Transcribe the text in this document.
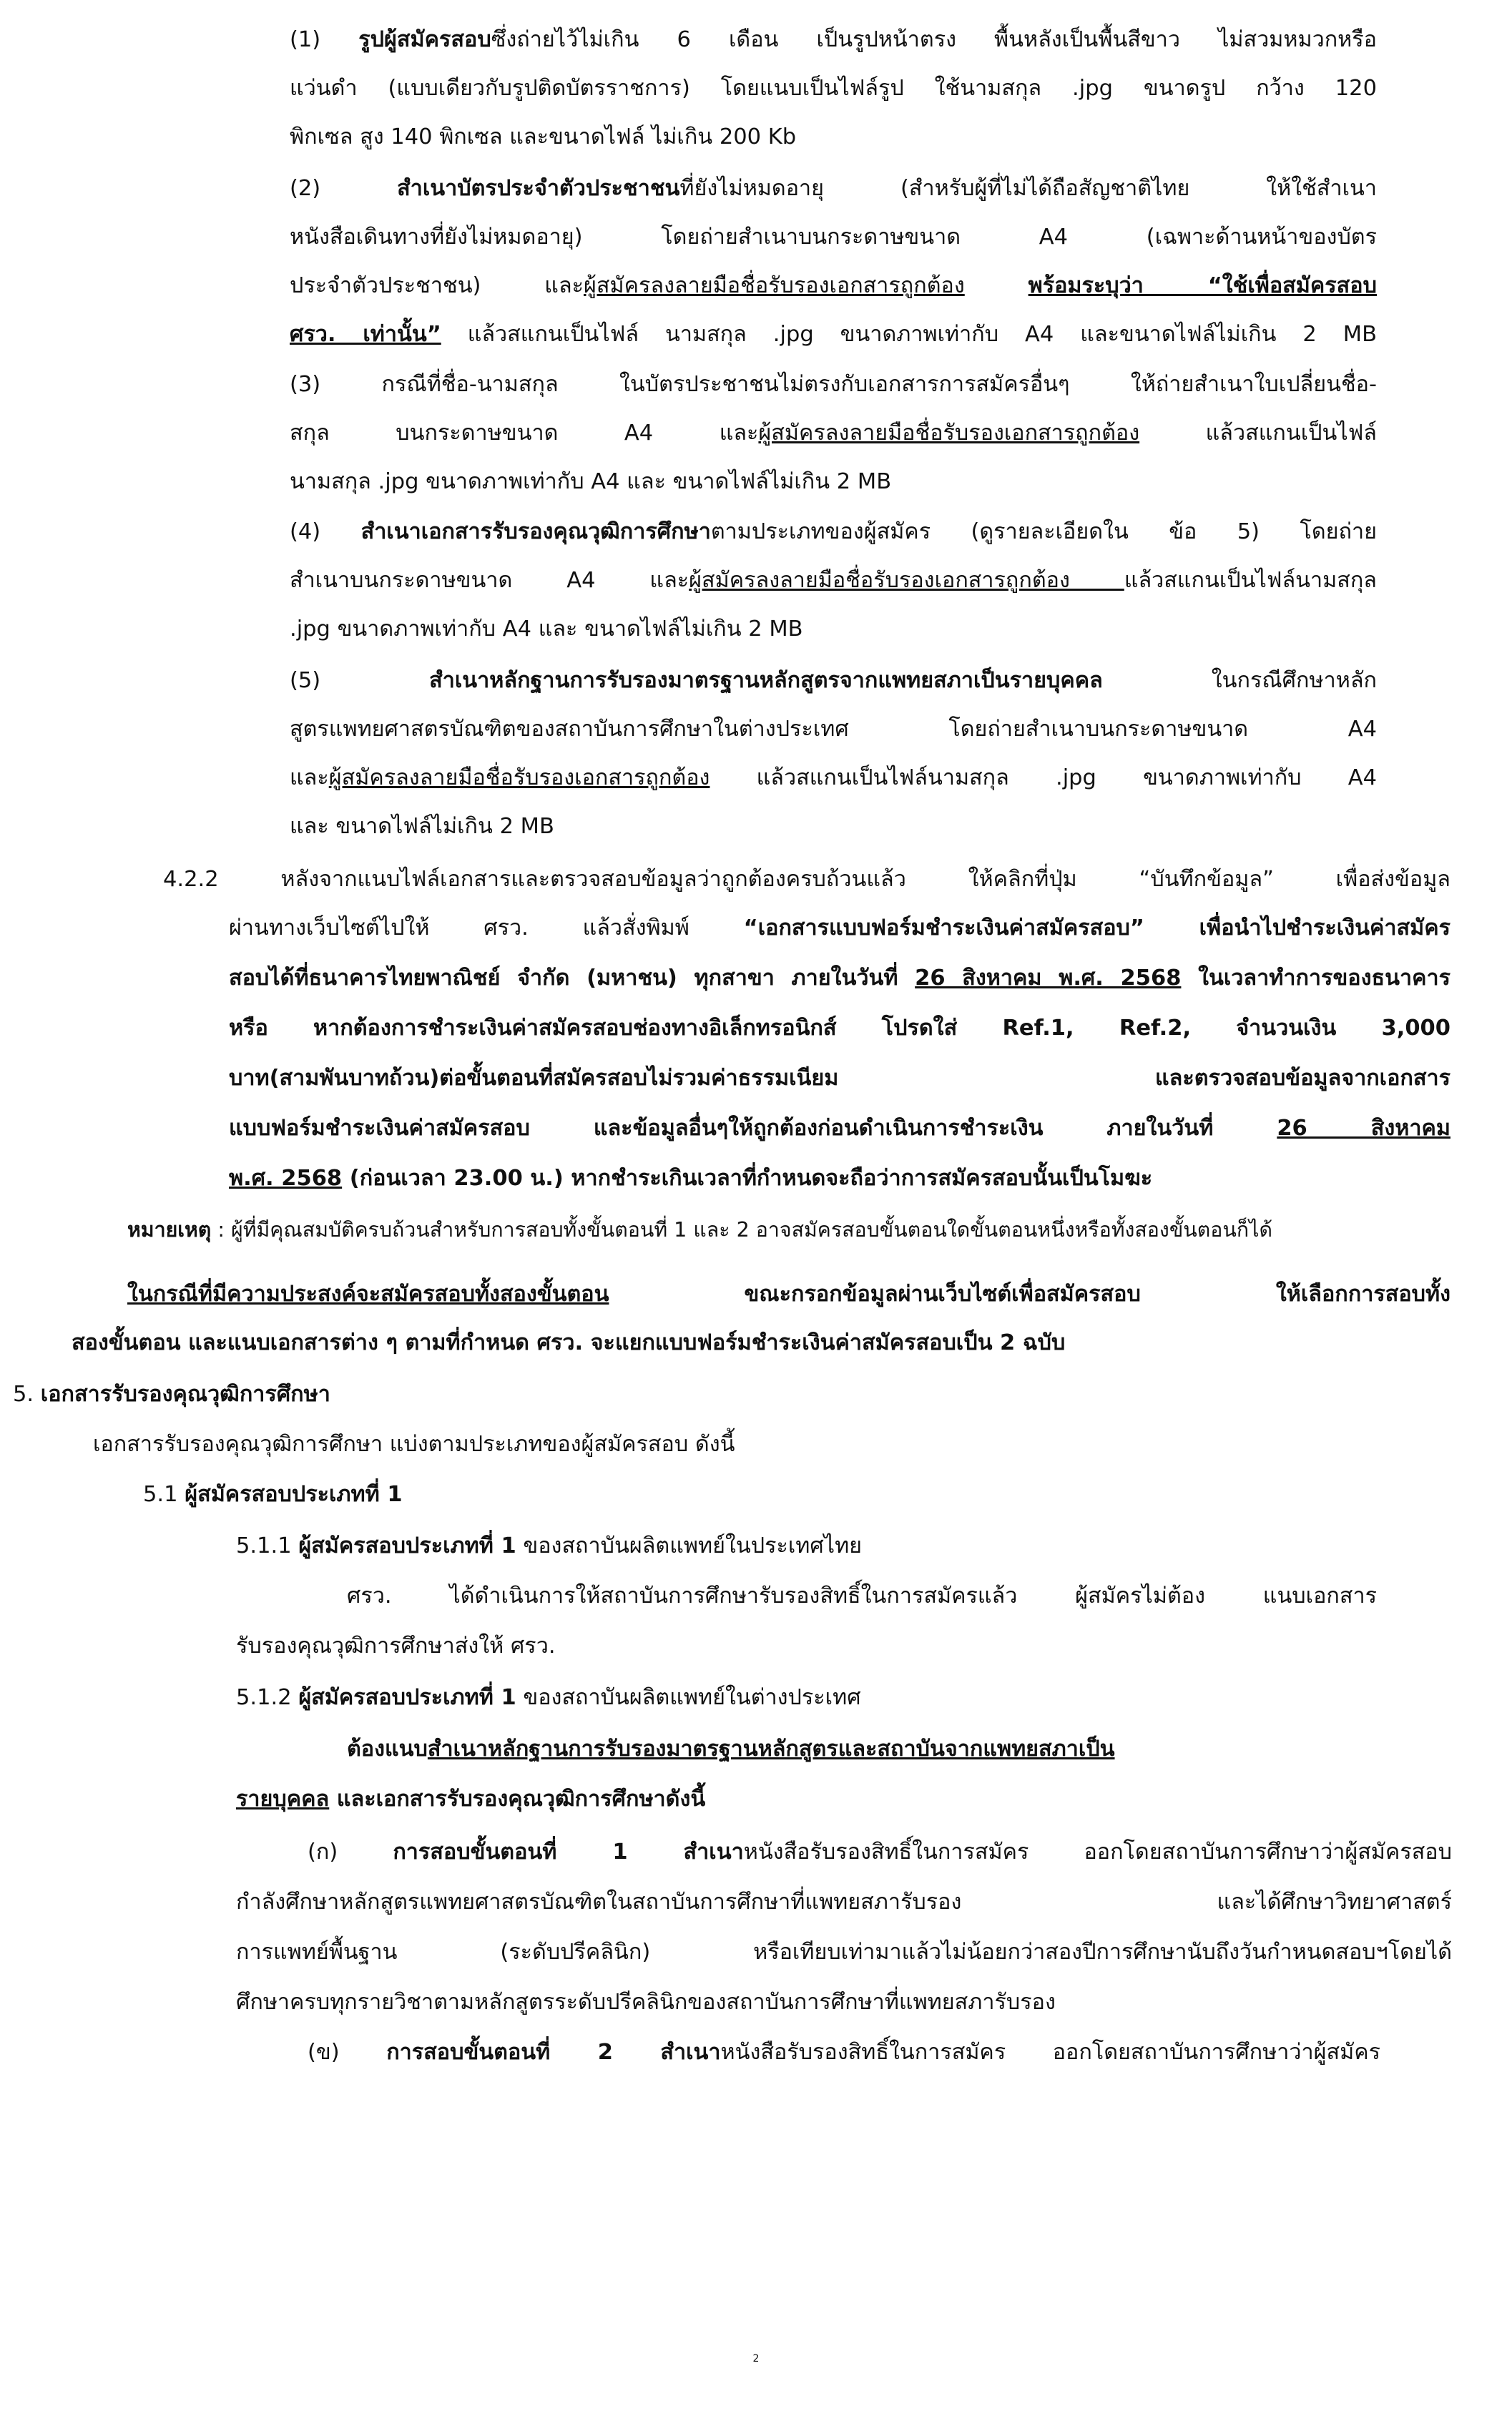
(1) รูปผู้สมัครสอบซึ่งถ่ายไว้ไม่เกิน 6 เดือน เป็นรูปหน้าตรง พื้นหลังเป็นพื้นสีขาว ไม่สวมหมวกหรือ
แว่นดำ (แบบเดียวกับรูปติดบัตรราชการ) โดยแนบเป็นไฟล์รูป ใช้นามสกุล .jpg ขนาดรูป กว้าง 120
พิกเซล สูง 140 พิกเซล และขนาดไฟล์ ไม่เกิน 200 Kb
(2) สำเนาบัตรประจำตัวประชาชนที่ยังไม่หมดอายุ (สำหรับผู้ที่ไม่ได้ถือสัญชาติไทย ให้ใช้สำเนา
หนังสือเดินทางที่ยังไม่หมดอายุ) โดยถ่ายสำเนาบนกระดาษขนาด A4 (เฉพาะด้านหน้าของบัตร
ประจำตัวประชาชน) และผู้สมัครลงลายมือชื่อรับรองเอกสารถูกต้อง	พร้อมระบุว่า “ใช้เพื่อสมัครสอบ
ศรว. เท่านั้น” แล้วสแกนเป็นไฟล์ นามสกุล .jpg ขนาดภาพเท่ากับ A4 และขนาดไฟล์ไม่เกิน 2 MB
(3) กรณีที่ชื่อ-นามสกุล ในบัตรประชาชนไม่ตรงกับเอกสารการสมัครอื่นๆ ให้ถ่ายสำเนาใบเปลี่ยนชื่อ-
สกุล บนกระดาษขนาด A4 และผู้สมัครลงลายมือชื่อรับรองเอกสารถูกต้อง แล้วสแกนเป็นไฟล์
นามสกุล .jpg ขนาดภาพเท่ากับ A4 และ ขนาดไฟล์ไม่เกิน 2 MB
(4) สำเนาเอกสารรับรองคุณวุฒิการศึกษาตามประเภทของผู้สมัคร (ดูรายละเอียดใน ข้อ 5) โดยถ่าย
สำเนาบนกระดาษขนาด A4 และผู้สมัครลงลายมือชื่อรับรองเอกสารถูกต้อง แล้วสแกนเป็นไฟล์นามสกุล
.jpg ขนาดภาพเท่ากับ A4 และ ขนาดไฟล์ไม่เกิน 2 MB
(5) สำเนาหลักฐานการรับรองมาตรฐานหลักสูตรจากแพทยสภาเป็นรายบุคคล ในกรณีศึกษาหลัก
สูตรแพทยศาสตรบัณฑิตของสถาบันการศึกษาในต่างประเทศ โดยถ่ายสำเนาบนกระดาษขนาด A4
และผู้สมัครลงลายมือชื่อรับรองเอกสารถูกต้อง แล้วสแกนเป็นไฟล์นามสกุล .jpg ขนาดภาพเท่ากับ A4
และ ขนาดไฟล์ไม่เกิน 2 MB
4.2.2 หลังจากแนบไฟล์เอกสารและตรวจสอบข้อมูลว่าถูกต้องครบถ้วนแล้ว ให้คลิกที่ปุ่ม “บันทึกข้อมูล” เพื่อส่งข้อมูล
ผ่านทางเว็บไซต์ไปให้ ศรว. แล้วสั่งพิมพ์ “เอกสารแบบฟอร์มชำระเงินค่าสมัครสอบ” เพื่อนำไปชำระเงินค่าสมัคร
สอบได้ที่ธนาคารไทยพาณิชย์ จำกัด (มหาชน) ทุกสาขา ภายในวันที่ 26 สิงหาคม พ.ศ. 2568 ในเวลาทำการของธนาคาร
หรือ หากต้องการชำระเงินค่าสมัครสอบช่องทางอิเล็กทรอนิกส์ โปรดใส่ Ref.1, Ref.2, จำนวนเงิน 3,000
บาท(สามพันบาทถ้วน)ต่อขั้นตอนที่สมัครสอบไม่รวมค่าธรรมเนียม และตรวจสอบข้อมูลจากเอกสาร
แบบฟอร์มชำระเงินค่าสมัครสอบ และข้อมูลอื่นๆให้ถูกต้องก่อนดำเนินการชำระเงิน ภายในวันที่ 26 สิงหาคม
พ.ศ. 2568 (ก่อนเวลา 23.00 น.) หากชำระเกินเวลาที่กำหนดจะถือว่าการสมัครสอบนั้นเป็นโมฆะ
หมายเหตุ : ผู้ที่มีคุณสมบัติครบถ้วนสำหรับการสอบทั้งขั้นตอนที่ 1 และ 2 อาจสมัครสอบขั้นตอนใดขั้นตอนหนึ่งหรือทั้งสองขั้นตอนก็ได้
ในกรณีที่มีความประสงค์จะสมัครสอบทั้งสองขั้นตอน ขณะกรอกข้อมูลผ่านเว็บไซต์เพื่อสมัครสอบ ให้เลือกการสอบทั้ง
สองขั้นตอน และแนบเอกสารต่าง ๆ ตามที่กำหนด ศรว. จะแยกแบบฟอร์มชำระเงินค่าสมัครสอบเป็น 2 ฉบับ
5. เอกสารรับรองคุณวุฒิการศึกษา
เอกสารรับรองคุณวุฒิการศึกษา แบ่งตามประเภทของผู้สมัครสอบ ดังนี้
5.1 ผู้สมัครสอบประเภทที่ 1
5.1.1 ผู้สมัครสอบประเภทที่ 1 ของสถาบันผลิตแพทย์ในประเทศไทย
ศรว. ได้ดำเนินการให้สถาบันการศึกษารับรองสิทธิ์ในการสมัครแล้ว ผู้สมัครไม่ต้อง แนบเอกสาร
รับรองคุณวุฒิการศึกษาส่งให้ ศรว.
5.1.2 ผู้สมัครสอบประเภทที่ 1 ของสถาบันผลิตแพทย์ในต่างประเทศ
ต้องแนบสำเนาหลักฐานการรับรองมาตรฐานหลักสูตรและสถาบันจากแพทยสภาเป็น
รายบุคคล และเอกสารรับรองคุณวุฒิการศึกษาดังนี้
(ก) การสอบขั้นตอนที่ 1 สำเนาหนังสือรับรองสิทธิ์ในการสมัคร ออกโดยสถาบันการศึกษาว่าผู้สมัครสอบ
กำลังศึกษาหลักสูตรแพทยศาสตรบัณฑิตในสถาบันการศึกษาที่แพทยสภารับรอง และได้ศึกษาวิทยาศาสตร์
การแพทย์พื้นฐาน (ระดับปรีคลินิก) หรือเทียบเท่ามาแล้วไม่น้อยกว่าสองปีการศึกษานับถึงวันกำหนดสอบฯโดยได้
ศึกษาครบทุกรายวิชาตามหลักสูตรระดับปรีคลินิกของสถาบันการศึกษาที่แพทยสภารับรอง
(ข) การสอบขั้นตอนที่ 2 สำเนาหนังสือรับรองสิทธิ์ในการสมัคร ออกโดยสถาบันการศึกษาว่าผู้สมัคร
2
